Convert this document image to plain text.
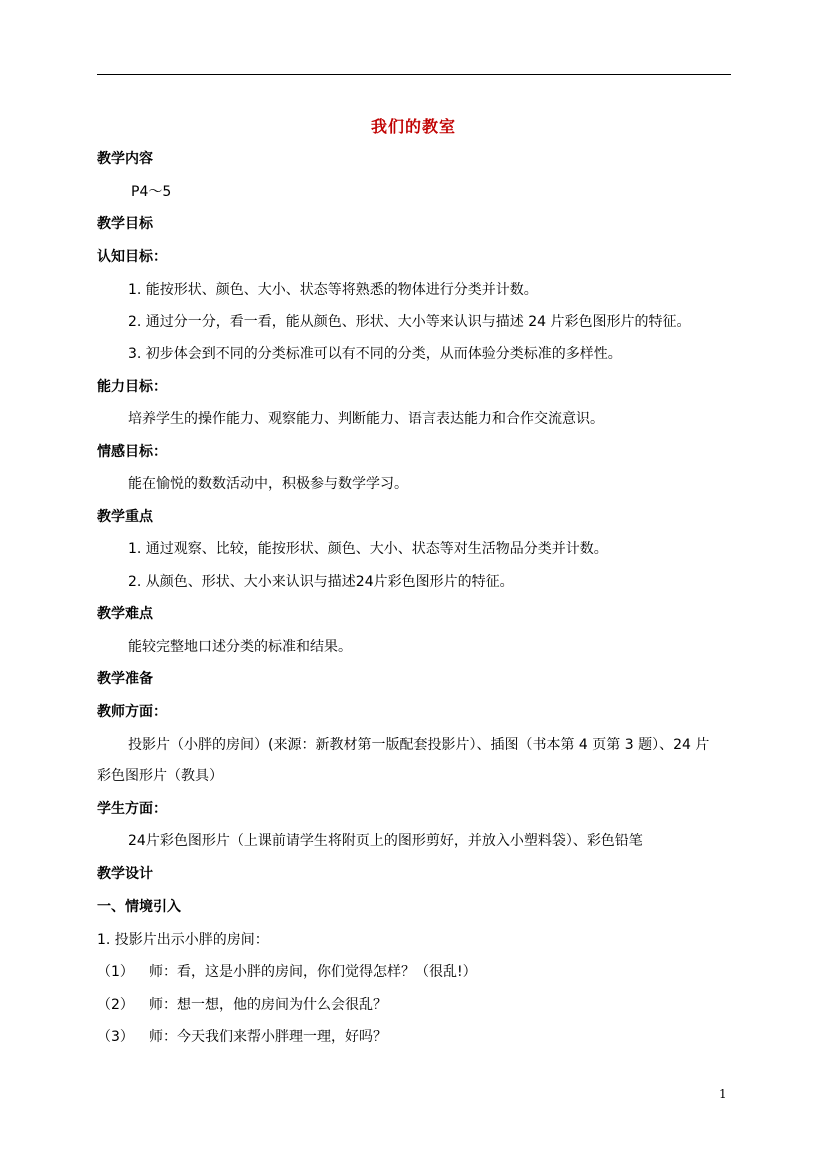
我们的教室
教学内容
P4～5
教学目标
认知目标：
1. 能按形状、颜色、大小、状态等将熟悉的物体进行分类并计数。
2. 通过分一分，看一看，能从颜色、形状、大小等来认识与描述 24 片彩色图形片的特征。
3. 初步体会到不同的分类标准可以有不同的分类，从而体验分类标准的多样性。
能力目标：
培养学生的操作能力、观察能力、判断能力、语言表达能力和合作交流意识。
情感目标：
能在愉悦的数数活动中，积极参与数学学习。
教学重点
1. 通过观察、比较，能按形状、颜色、大小、状态等对生活物品分类并计数。
2. 从颜色、形状、大小来认识与描述24片彩色图形片的特征。
教学难点
能较完整地口述分类的标准和结果。
教学准备
教师方面：
投影片（小胖的房间）(来源：新教材第一版配套投影片）、插图（书本第 4 页第 3 题）、24 片
彩色图形片（教具）
学生方面：
24片彩色图形片（上课前请学生将附页上的图形剪好，并放入小塑料袋）、彩色铅笔
教学设计
一、情境引入
1. 投影片出示小胖的房间：
（1） 师：看，这是小胖的房间，你们觉得怎样？（很乱!）
（2） 师：想一想，他的房间为什么会很乱？
（3） 师：今天我们来帮小胖理一理，好吗？
1
